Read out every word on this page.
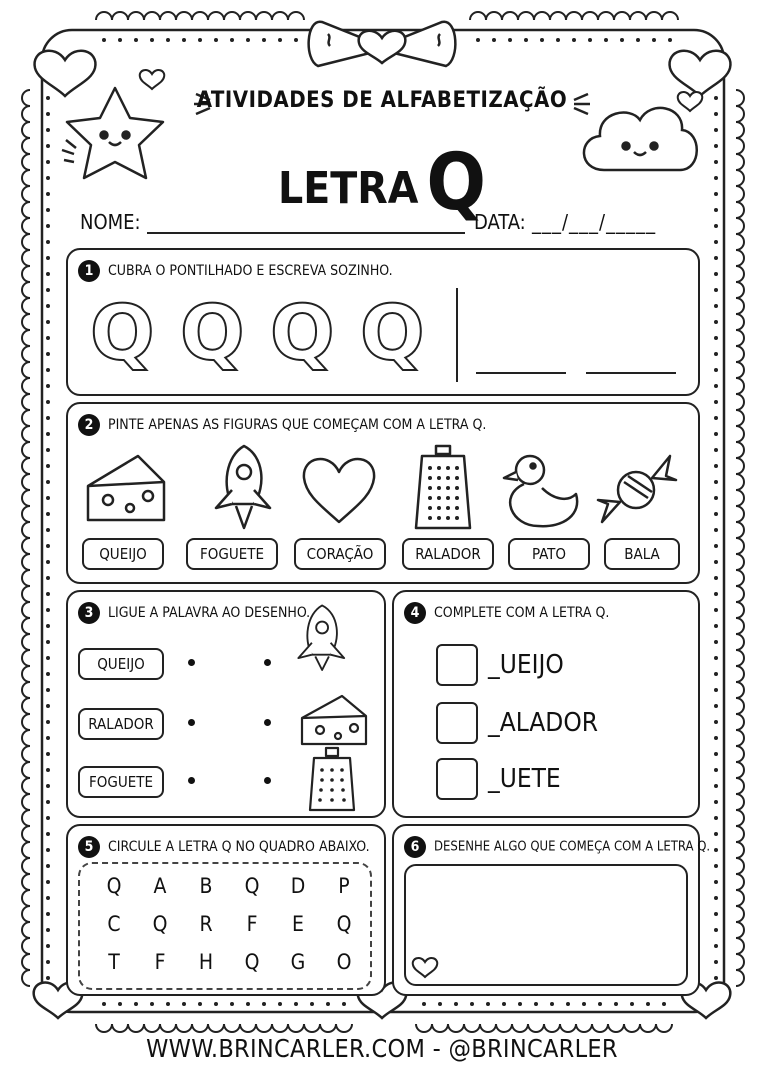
ATIVIDADES DE ALFABETIZAÇÃO
LETRA Q
NOME:	DATA: ___/___/_____
1 CUBRA O PONTILHADO E ESCREVA SOZINHO.
Q Q Q Q
2 PINTE APENAS AS FIGURAS QUE COMEÇAM COM A LETRA Q.
QUEIJO	FOGUETE	CORAÇÃO	RALADOR	PATO	BALA
3 LIGUE A PALAVRA AO DESENHO.
QUEIJO
RALADOR
FOGUETE
4 COMPLETE COM A LETRA Q.
_UEIJO
_ALADOR
_UETE
5 CIRCULE A LETRA Q NO QUADRO ABAIXO.
Q	A	B	Q	D	P
C	Q	R	F	E	Q
T	F	H	Q	G	O
6 DESENHE ALGO QUE COMEÇA COM A LETRA Q.
WWW.BRINCARLER.COM - @BRINCARLER
